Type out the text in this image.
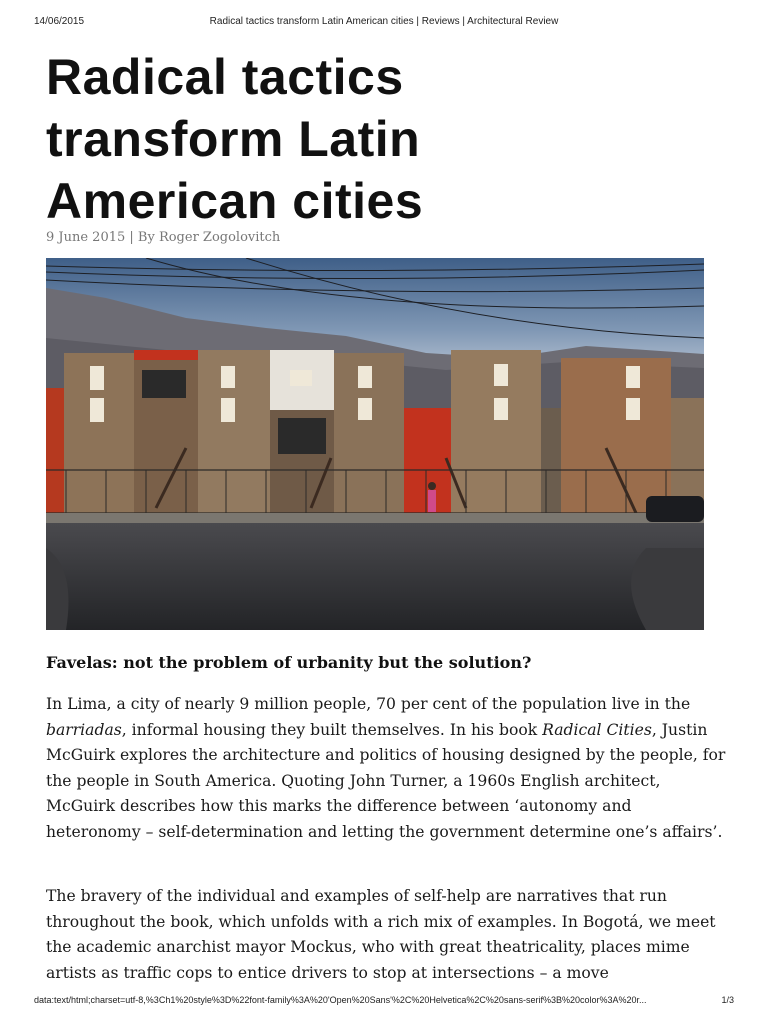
14/06/2015	Radical tactics transform Latin American cities | Reviews | Architectural Review
Radical tactics
transform Latin
American cities
9 June 2015 | By Roger Zogolovitch
Favelas: not the problem of urbanity but the solution?

In Lima, a city of nearly 9 million people, 70 per cent of the population live in the barriadas, informal housing they built themselves. In his book Radical Cities, Justin McGuirk explores the architecture and politics of housing designed by the people, for the people in South America. Quoting John Turner, a 1960s English architect, McGuirk describes how this marks the difference between ‘autonomy and heteronomy – self-determination and letting the government determine one’s affairs’.

The bravery of the individual and examples of self-help are narratives that run throughout the book, which unfolds with a rich mix of examples. In Bogotá, we meet the academic anarchist mayor Mockus, who with great theatricality, places mime artists as traffic cops to entice drivers to stop at intersections – a move

data:text/html;charset=utf-8,%3Ch1%20style%3D%22font-family%3A%20'Open%20Sans'%2C%20Helvetica%2C%20sans-serif%3B%20color%3A%20r...	1/3
